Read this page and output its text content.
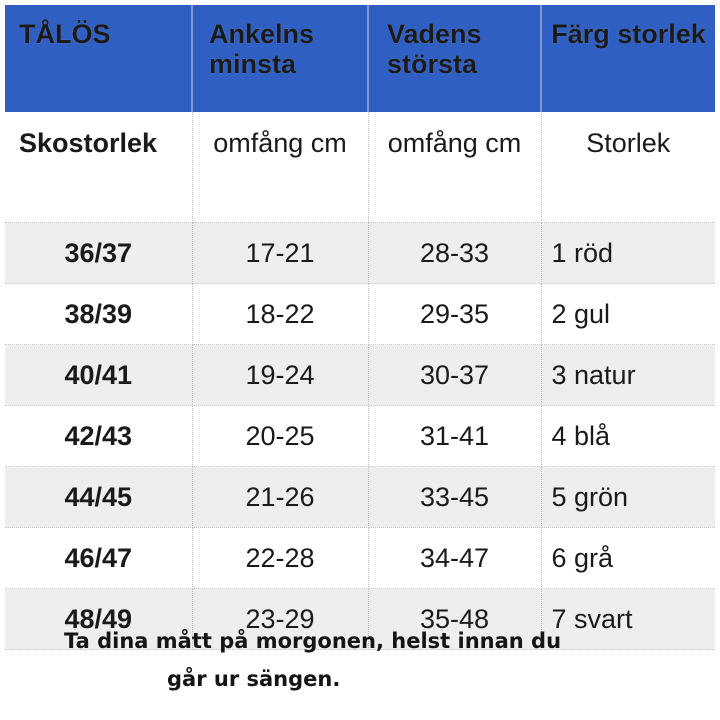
TÅLÖS	Ankelns minsta	Vadens största	Färg storlek
Skostorlek	omfång cm	omfång cm	Storlek
36/37	17-21	28-33	1 röd
38/39	18-22	29-35	2 gul
40/41	19-24	30-37	3 natur
42/43	20-25	31-41	4 blå
44/45	21-26	33-45	5 grön
46/47	22-28	34-47	6 grå
48/49	23-29	35-48	7 svart
Ta dina mått på morgonen, helst innan du
går ur sängen.
